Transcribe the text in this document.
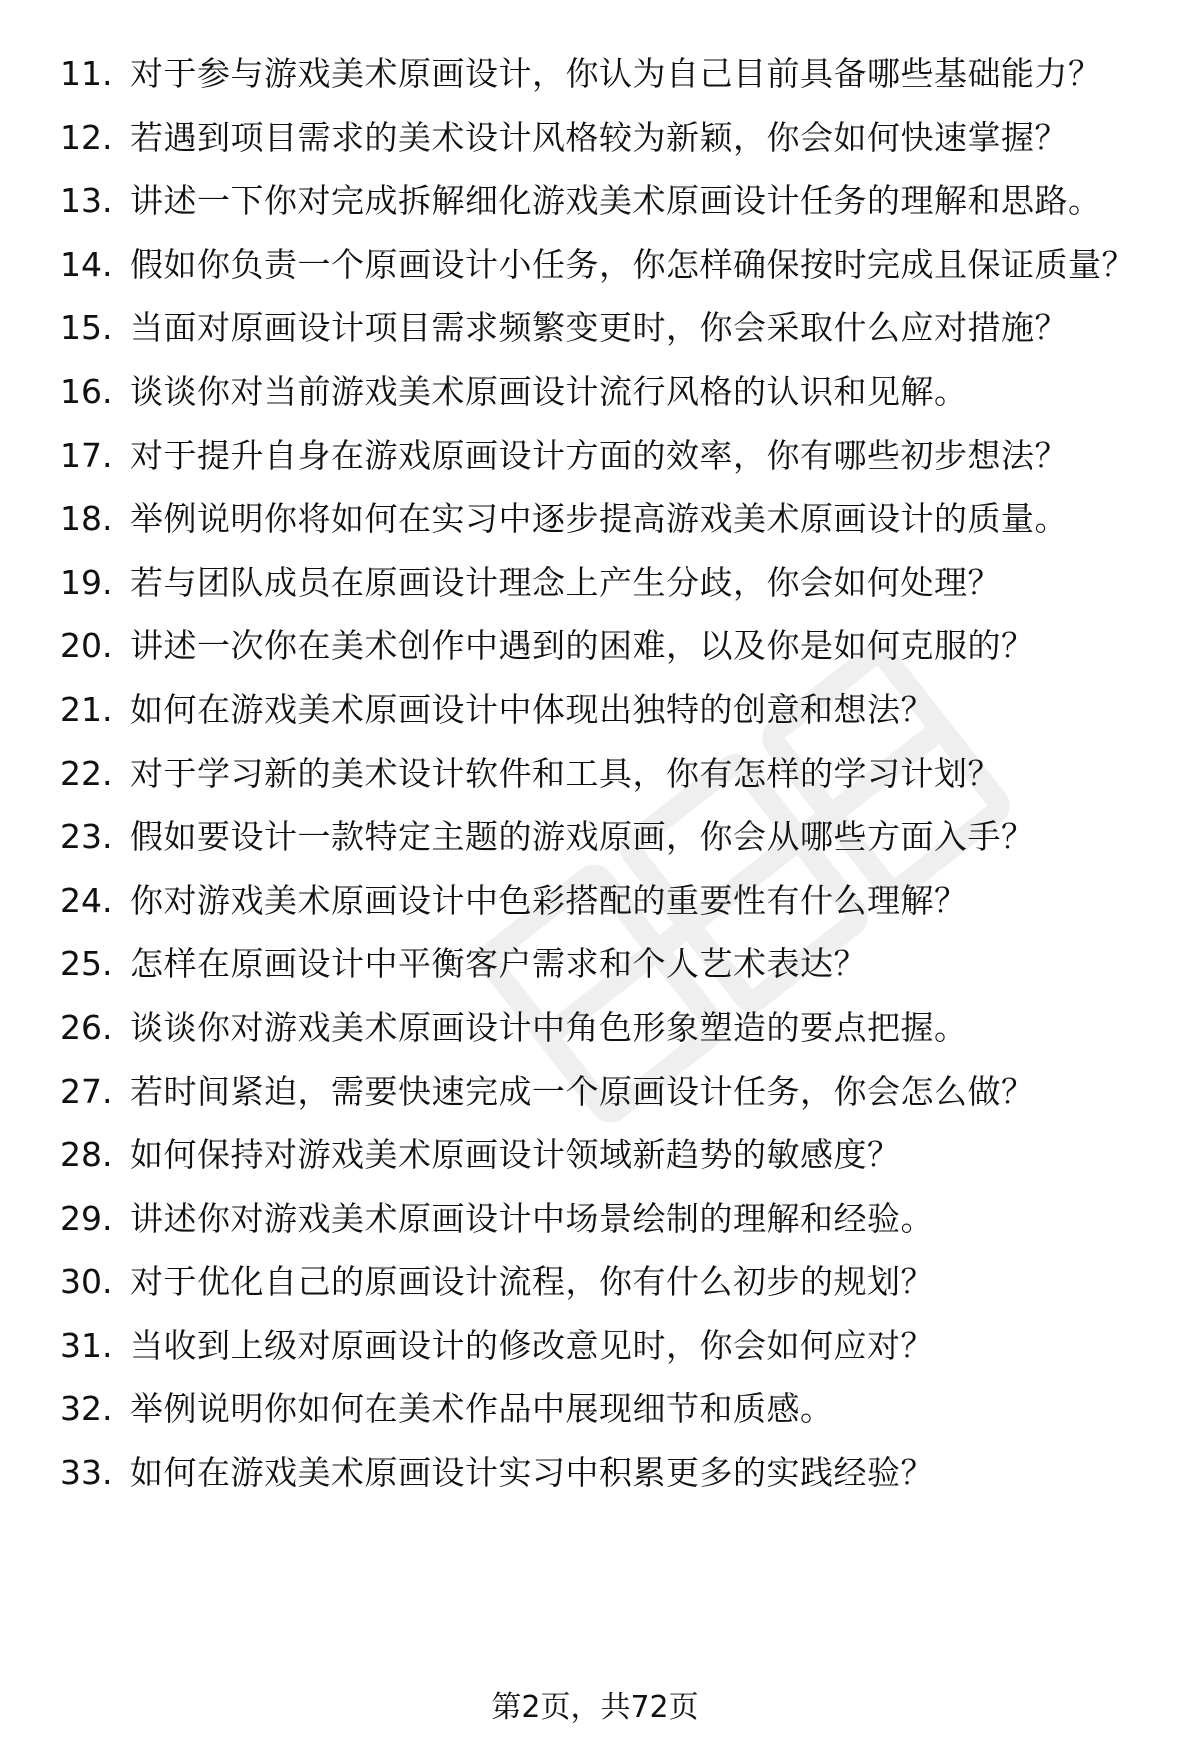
11. 对于参与游戏美术原画设计，你认为自己目前具备哪些基础能力？
12. 若遇到项目需求的美术设计风格较为新颖，你会如何快速掌握？
13. 讲述一下你对完成拆解细化游戏美术原画设计任务的理解和思路。
14. 假如你负责一个原画设计小任务，你怎样确保按时完成且保证质量？
15. 当面对原画设计项目需求频繁变更时，你会采取什么应对措施？
16. 谈谈你对当前游戏美术原画设计流行风格的认识和见解。
17. 对于提升自身在游戏原画设计方面的效率，你有哪些初步想法？
18. 举例说明你将如何在实习中逐步提高游戏美术原画设计的质量。
19. 若与团队成员在原画设计理念上产生分歧，你会如何处理？
20. 讲述一次你在美术创作中遇到的困难，以及你是如何克服的？
21. 如何在游戏美术原画设计中体现出独特的创意和想法？
22. 对于学习新的美术设计软件和工具，你有怎样的学习计划？
23. 假如要设计一款特定主题的游戏原画，你会从哪些方面入手？
24. 你对游戏美术原画设计中色彩搭配的重要性有什么理解？
25. 怎样在原画设计中平衡客户需求和个人艺术表达？
26. 谈谈你对游戏美术原画设计中角色形象塑造的要点把握。
27. 若时间紧迫，需要快速完成一个原画设计任务，你会怎么做？
28. 如何保持对游戏美术原画设计领域新趋势的敏感度？
29. 讲述你对游戏美术原画设计中场景绘制的理解和经验。
30. 对于优化自己的原画设计流程，你有什么初步的规划？
31. 当收到上级对原画设计的修改意见时，你会如何应对？
32. 举例说明你如何在美术作品中展现细节和质感。
33. 如何在游戏美术原画设计实习中积累更多的实践经验？
第2页，共72页
